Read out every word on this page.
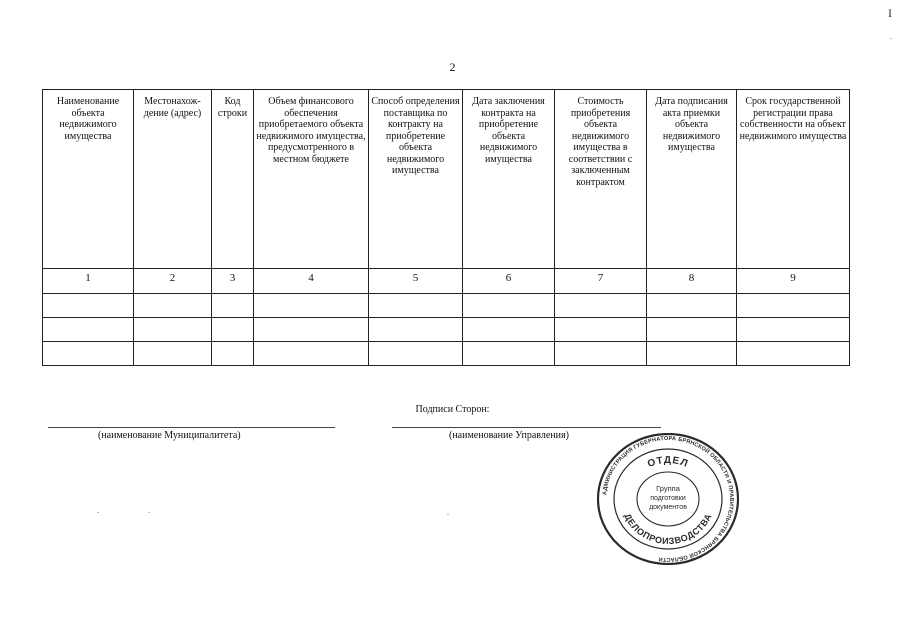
I
2
Наименование объекта недвижимого имущества	Местонахож-дение (адрес)	Код строки	Объем финансового обеспечения приобретаемого объекта недвижимого имущества, предусмотренного в местном бюджете	Способ определения поставщика по контракту на приобретение объекта недвижимого имущества	Дата заключения контракта на приобретение объекта недвижимого имущества	Стоимость приобретения объекта недвижимого имущества в соответствии с заключенным контрактом	Дата подписания акта приемки объекта недвижимого имущества	Срок государственной регистрации права собственности на объект недвижимого имущества
1	2	3	4	5	6	7	8	9

Подписи Сторон:
(наименование Муниципалитета)	(наименование Управления)
АДМИНИСТРАЦИЯ ГУБЕРНАТОРА БРЯНСКОЙ ОБЛАСТИ И ПРАВИТЕЛЬСТВА БРЯНСКОЙ ОБЛАСТИ
ОТДЕЛ
ДЕЛОПРОИЗВОДСТВА
Группа
подготовки
документов
